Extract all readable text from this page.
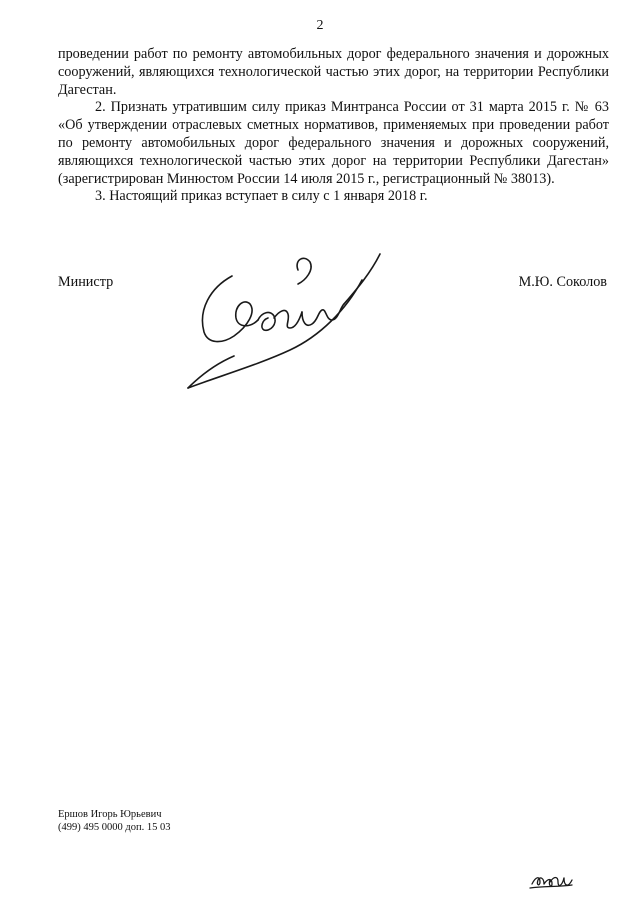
2

проведении работ по ремонту автомобильных дорог федерального значения и дорожных сооружений, являющихся технологической частью этих дорог, на территории Республики Дагестан.

2. Признать утратившим силу приказ Минтранса России от 31 марта 2015 г. № 63 «Об утверждении отраслевых сметных нормативов, применяемых при проведении работ по ремонту автомобильных дорог федерального значения и дорожных сооружений, являющихся технологической частью этих дорог на территории Республики Дагестан» (зарегистрирован Минюстом России 14 июля 2015 г., регистрационный № 38013).

3. Настоящий приказ вступает в силу с 1 января 2018 г.

Министр	М.Ю. Соколов
Ершов Игорь Юрьевич
(499) 495 0000 доп. 15 03
